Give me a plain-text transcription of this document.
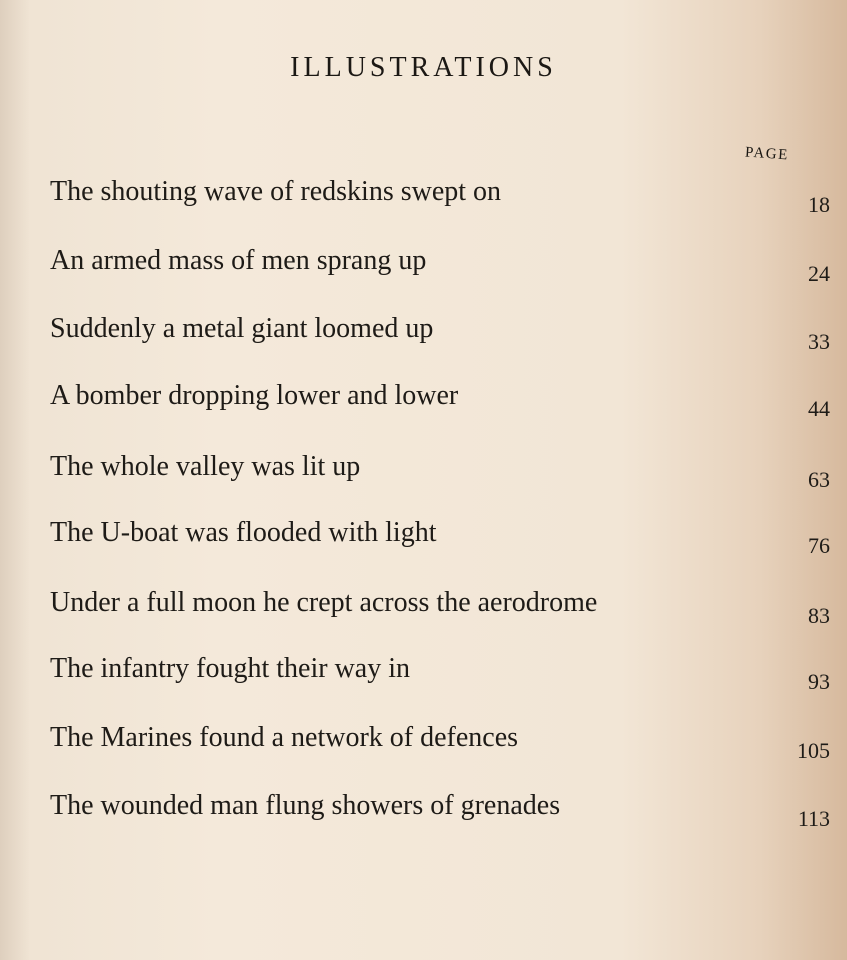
ILLUSTRATIONS
PAGE
The shouting wave of redskins swept on	18
An armed mass of men sprang up	24
Suddenly a metal giant loomed up	33
A bomber dropping lower and lower	44
The whole valley was lit up	63
The U-boat was flooded with light	76
Under a full moon he crept across the aerodrome	83
The infantry fought their way in	93
The Marines found a network of defences	105
The wounded man flung showers of grenades	113
